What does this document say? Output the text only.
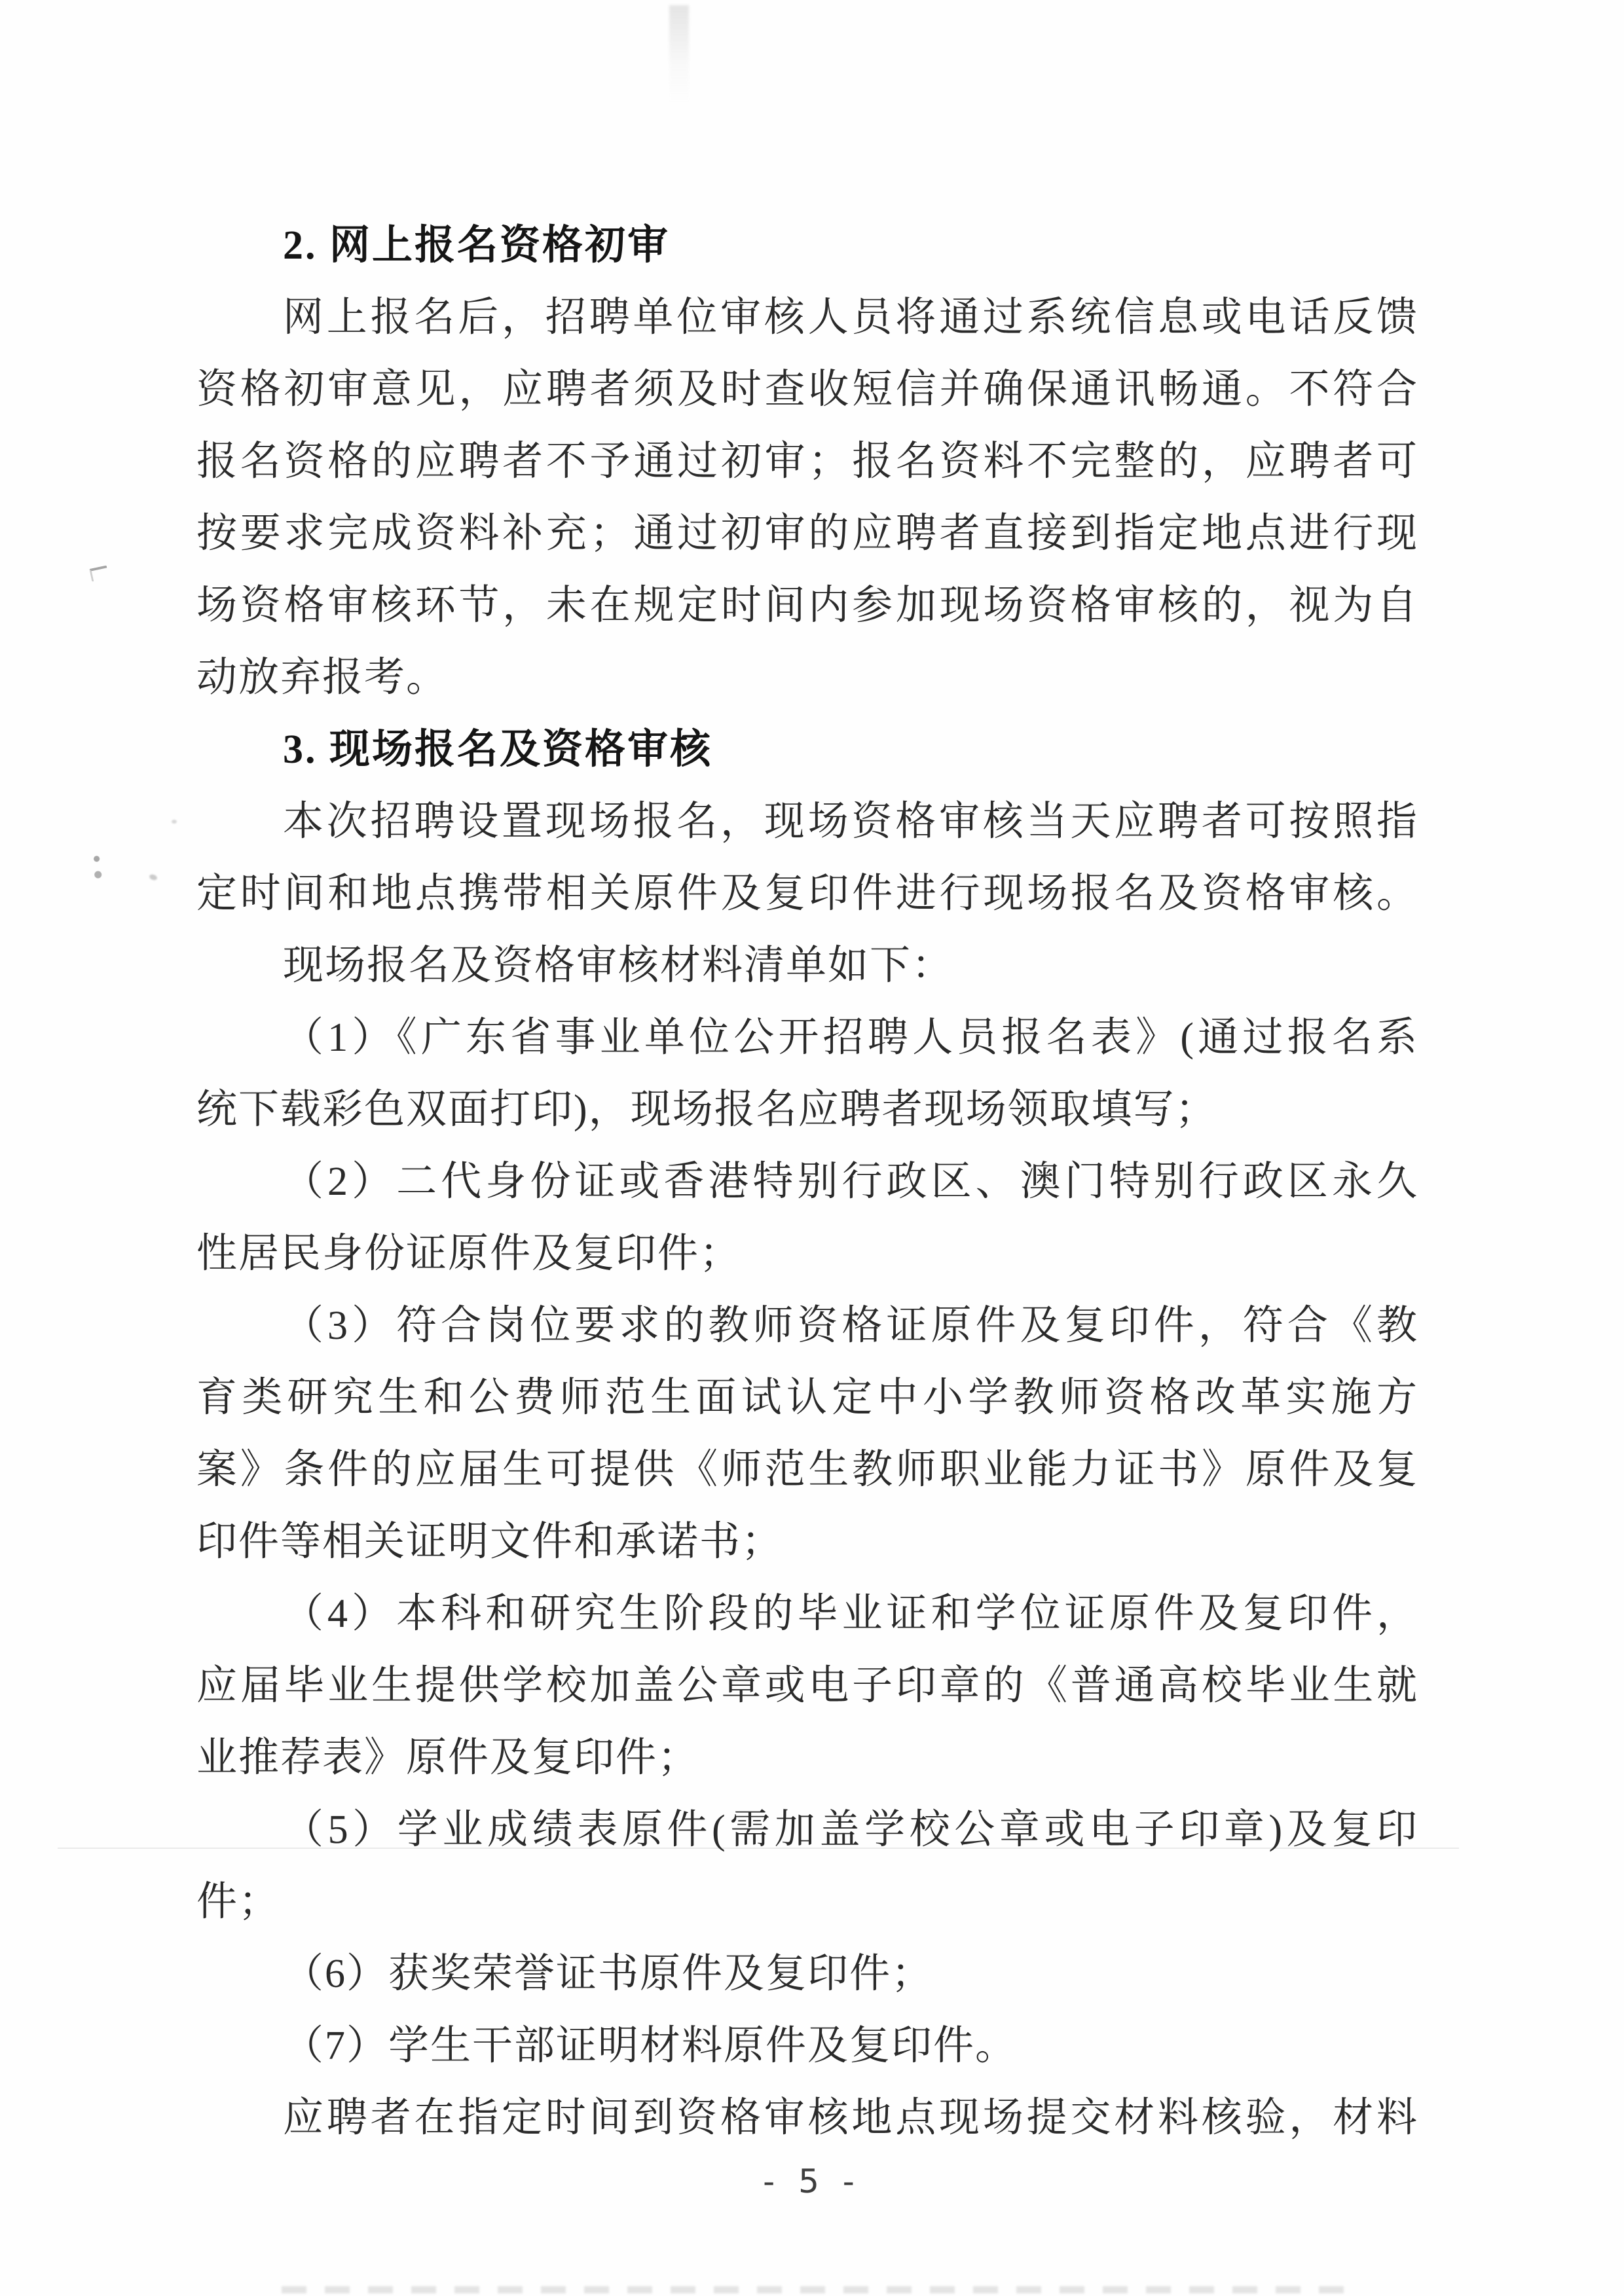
2. 网上报名资格初审
网上报名后，招聘单位审核人员将通过系统信息或电话反馈
资格初审意见，应聘者须及时查收短信并确保通讯畅通。不符合
报名资格的应聘者不予通过初审；报名资料不完整的，应聘者可
按要求完成资料补充；通过初审的应聘者直接到指定地点进行现
场资格审核环节，未在规定时间内参加现场资格审核的，视为自
动放弃报考。
3. 现场报名及资格审核
本次招聘设置现场报名，现场资格审核当天应聘者可按照指
定时间和地点携带相关原件及复印件进行现场报名及资格审核。
现场报名及资格审核材料清单如下：
（1）《广东省事业单位公开招聘人员报名表》(通过报名系
统下载彩色双面打印)，现场报名应聘者现场领取填写；
（2）二代身份证或香港特别行政区、澳门特别行政区永久
性居民身份证原件及复印件；
（3）符合岗位要求的教师资格证原件及复印件，符合《教
育类研究生和公费师范生面试认定中小学教师资格改革实施方
案》条件的应届生可提供《师范生教师职业能力证书》原件及复
印件等相关证明文件和承诺书；
（4）本科和研究生阶段的毕业证和学位证原件及复印件，
应届毕业生提供学校加盖公章或电子印章的《普通高校毕业生就
业推荐表》原件及复印件；
（5）学业成绩表原件(需加盖学校公章或电子印章)及复印
件；
（6）获奖荣誉证书原件及复印件；
（7）学生干部证明材料原件及复印件。
应聘者在指定时间到资格审核地点现场提交材料核验，材料
- 5 -
